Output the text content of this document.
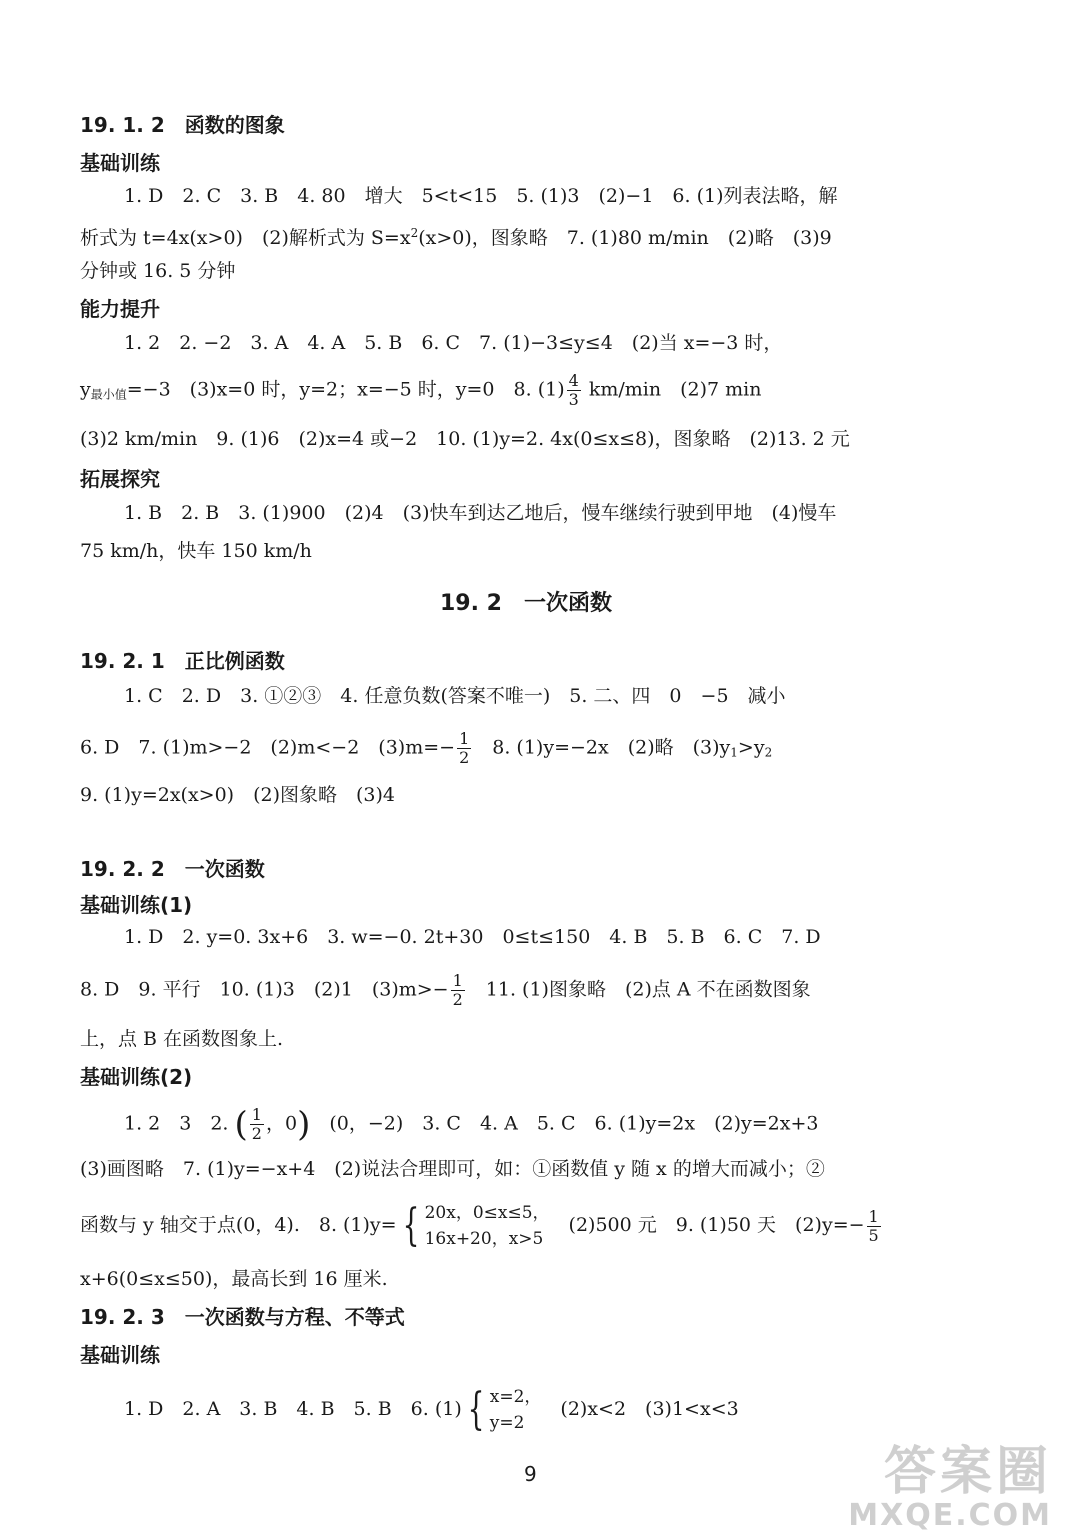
19. 1. 2　函数的图象
基础训练
1. D　2. C　3. B　4. 80　增大　5<t<15　5. (1)3　(2)−1　6. (1)列表法略，解
析式为 t=4x(x>0)　(2)解析式为 $S=x^2(x>0)$，图象略　7. (1)80 m/min　(2)略　(3)9
分钟或 16. 5 分钟
能力提升
1. 2　2. −2　3. A　4. A　5. B　6. C　7. (1)−3≤y≤4　(2)当 x=−3 时，
$y_{最小值}=-3$　(3)x=0 时，y=2；x=−5 时，y=0　8. $(1) \frac{4}{3} km/\min$　(2)7 min
(3)2 km/min　9. (1)6　(2)x=4 或−2　10. (1)y=2. 4x(0≤x≤8)，图象略　(2)13. 2 元
拓展探究
1. B　2. B　3. (1)900　(2)4　(3)快车到达乙地后，慢车继续行驶到甲地　(4)慢车
75 km/h，快车 150 km/h
19. 2　一次函数
19. 2. 1　正比例函数
1. C　2. D　3. ①②③　4. 任意负数(答案不唯一)　5. 二、四　0　−5　减小
6. D　7. (1)m>−2　(2)m<−2　$(3)m=- \frac{1}{2}$ 　8. (1)y=−2x　(2)略　$(3)y_1>y_2$
9. (1)y=2x(x>0)　(2)图象略　(3)4
19. 2. 2　一次函数
基础训练(1)
1. D　2. y=0. 3x+6　3. w=−0. 2t+30　0≤t≤150　4. B　5. B　6. C　7. D
8. D　9. 平行　10. (1)3　(2)1　$(3)m>- \frac{1}{2}$ 　11. (1)图象略　(2)点 A 不在函数图象
上，点 B 在函数图象上.
基础训练(2)
1. 2　3　2. ( $\frac{1}{2}$ ，0)　(0，−2)　3. C　4. A　5. C　6. (1)y=2x　(2)y=2x+3
(3)画图略　7. (1)y=−x+4　(2)说法合理即可，如：①函数值 y 随 x 的增大而减小；②
函数与 y 轴交于点(0，4).　8. (1)y= { 20x，0≤x≤5，
16x+20，x>5
　(2)500 元　9. (1)50 天　$(2)y=- \frac{1}{5}$
x+6(0≤x≤50)，最高长到 16 厘米.
19. 2. 3　一次函数与方程、不等式
基础训练
1. D　2. A　3. B　4. B　5. B　6. (1) { x=2，
y=2
　(2)x<2　(3)1<x<3
9	答案圈
MXQE.COM
